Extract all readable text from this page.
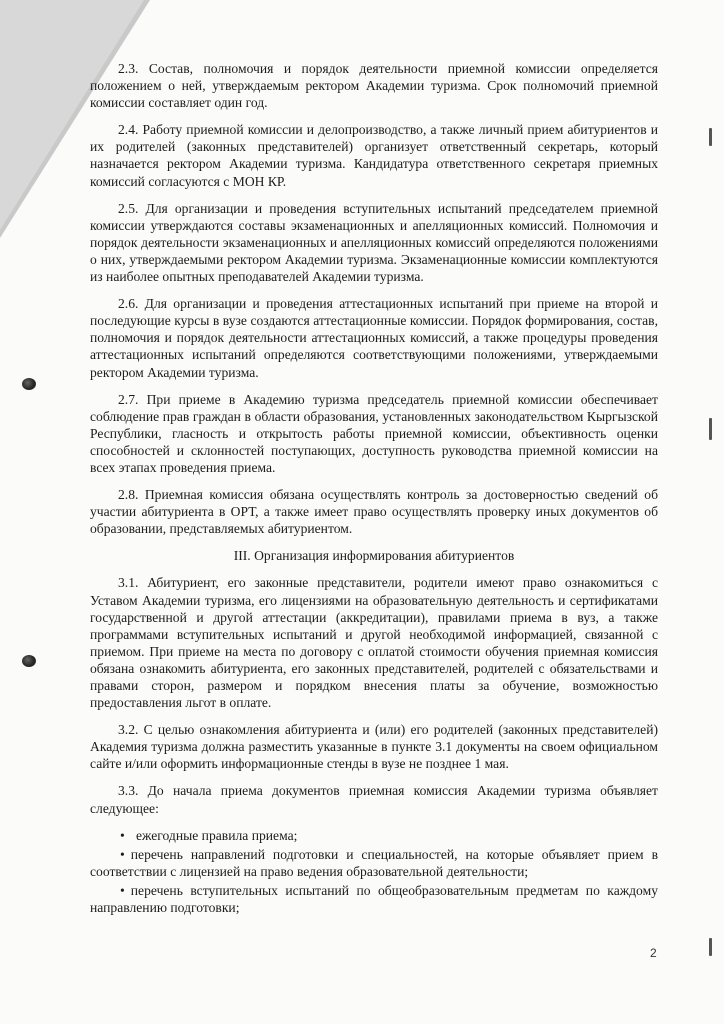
2.3. Состав, полномочия и порядок деятельности приемной комиссии определяется положением о ней, утверждаемым ректором Академии туризма. Срок полномочий приемной комиссии составляет один год.

2.4. Работу приемной комиссии и делопроизводство, а также личный прием абитуриентов и их родителей (законных представителей) организует ответственный секретарь, который назначается ректором Академии туризма. Кандидатура ответственного секретаря приемных комиссий согласуются с МОН КР.

2.5. Для организации и проведения вступительных испытаний председателем приемной комиссии утверждаются составы экзаменационных и апелляционных комиссий. Полномочия и порядок деятельности экзаменационных и апелляционных комиссий определяются положениями о них, утверждаемыми ректором Академии туризма. Экзаменационные комиссии комплектуются из наиболее опытных преподавателей Академии туризма.

2.6. Для организации и проведения аттестационных испытаний при приеме на второй и последующие курсы в вузе создаются аттестационные комиссии. Порядок формирования, состав, полномочия и порядок деятельности аттестационных комиссий, а также процедуры проведения аттестационных испытаний определяются соответствующими положениями, утверждаемыми ректором Академии туризма.

2.7. При приеме в Академию туризма председатель приемной комиссии обеспечивает соблюдение прав граждан в области образования, установленных законодательством Кыргызской Республики, гласность и открытость работы приемной комиссии, объективность оценки способностей и склонностей поступающих, доступность руководства приемной комиссии на всех этапах проведения приема.

2.8. Приемная комиссия обязана осуществлять контроль за достоверностью сведений об участии абитуриента в ОРТ, а также имеет право осуществлять проверку иных документов об образовании, представляемых абитуриентом.

III. Организация информирования абитуриентов

3.1. Абитуриент, его законные представители, родители имеют право ознакомиться с Уставом Академии туризма, его лицензиями на образовательную деятельность и сертификатами государственной и другой аттестации (аккредитации), правилами приема в вуз, а также программами вступительных испытаний и другой необходимой информацией, связанной с приемом. При приеме на места по договору с оплатой стоимости обучения приемная комиссия обязана ознакомить абитуриента, его законных представителей, родителей с обязательствами и правами сторон, размером и порядком внесения платы за обучение, возможностью предоставления льгот в оплате.

3.2. С целью ознакомления абитуриента и (или) его родителей (законных представителей) Академия туризма должна разместить указанные в пункте 3.1 документы на своем официальном сайте и/или оформить информационные стенды в вузе не позднее 1 мая.

3.3. До начала приема документов приемная комиссия Академии туризма объявляет следующее:

• ежегодные правила приема;
• перечень направлений подготовки и специальностей, на которые объявляет прием в соответствии с лицензией на право ведения образовательной деятельности;
• перечень вступительных испытаний по общеобразовательным предметам по каждому направлению подготовки;
2
